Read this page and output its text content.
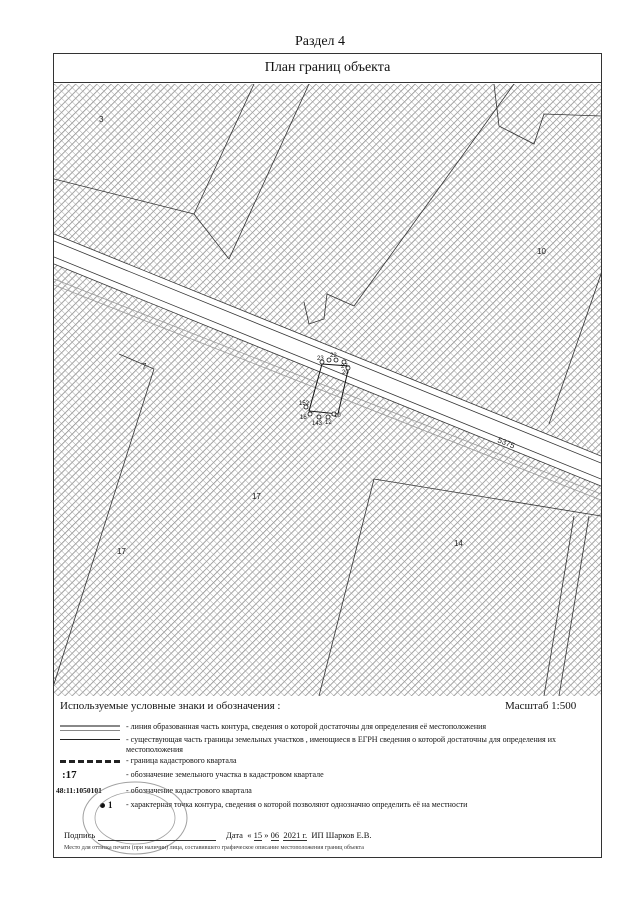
Раздел 4
План границ объекта
3
10
7
17
17
14
5375
23 22
27
20
152
16
143 12
10
Используемые условные знаки и обозначения :	Масштаб 1:500
- линия образованная часть контура, сведения о которой достаточны для определения её местоположения
- существующая часть границы земельных участков , имеющиеся в ЕГРН сведения о которой достаточны для определения их местоположения
- граница кадастрового квартала
:17	- обозначение земельного участка в кадастровом квартале
48:11:1050101	- обозначение кадастрового квартала
1	- характерная точка контура, сведения о которой позволяют однозначно определить её на местности
Подпись	Дата  « 15 » 06 2021 г. ИП Шарков Е.В.
Место для оттиска печати (при наличии) лица, составившего графическое описание местоположения границ объекта
